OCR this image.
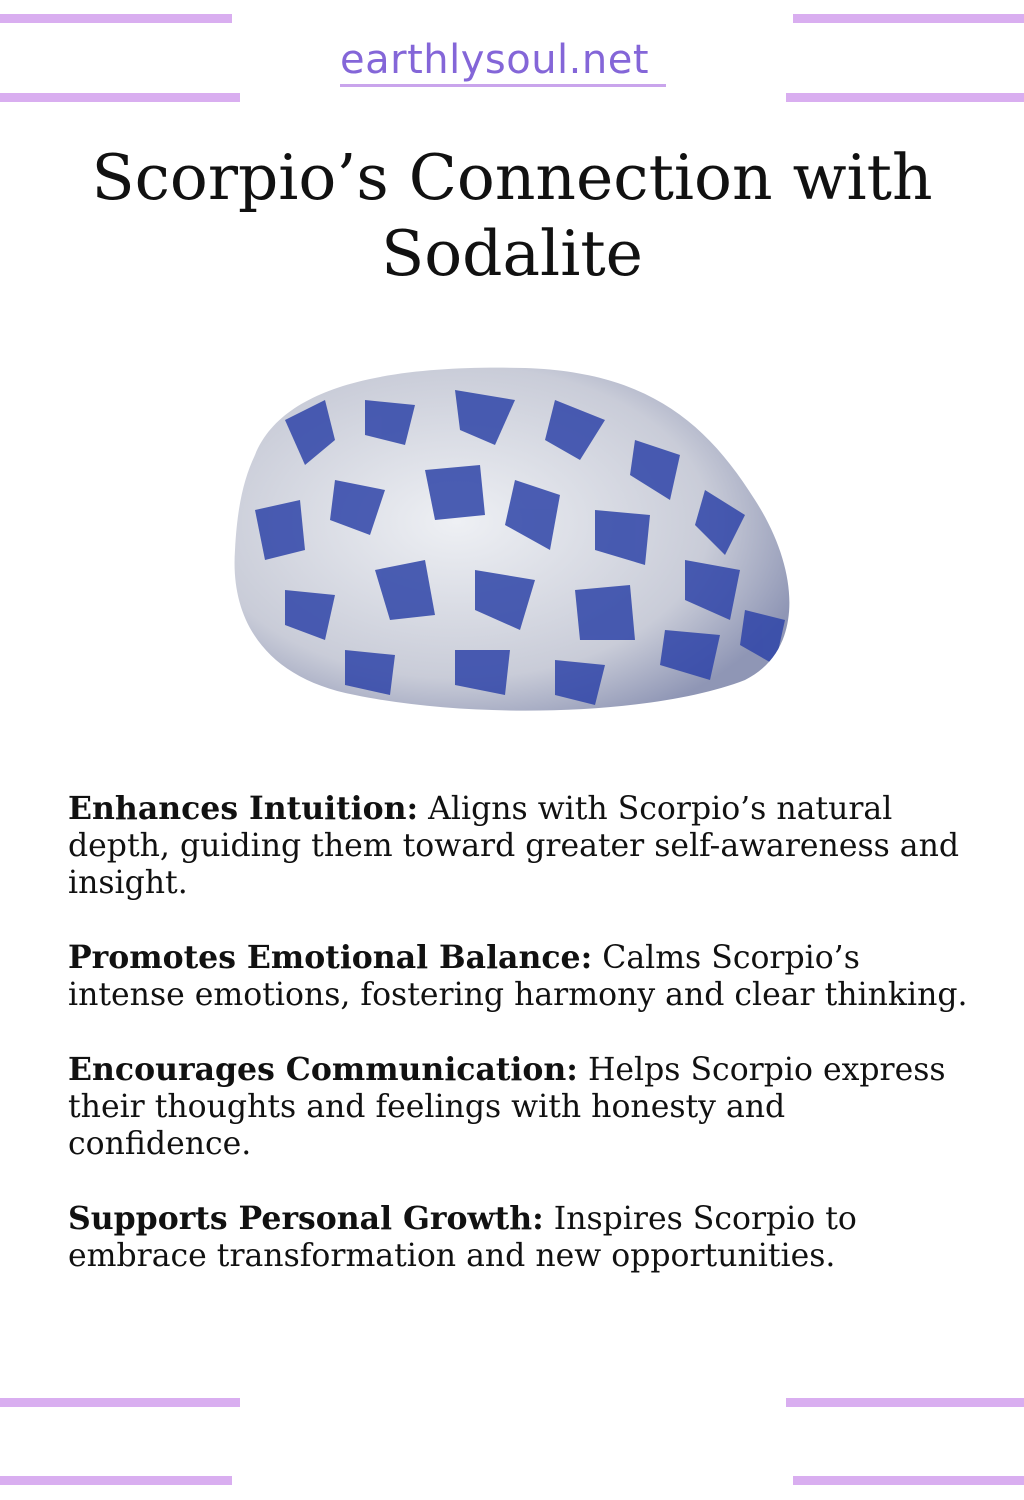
earthlysoul.net
Scorpio’s Connection with Sodalite

Enhances Intuition: Aligns with Scorpio’s natural depth, guiding them toward greater self-awareness and insight.

Promotes Emotional Balance: Calms Scorpio’s intense emotions, fostering harmony and clear thinking.

Encourages Communication: Helps Scorpio express their thoughts and feelings with honesty and confidence.

Supports Personal Growth: Inspires Scorpio to embrace transformation and new opportunities.
